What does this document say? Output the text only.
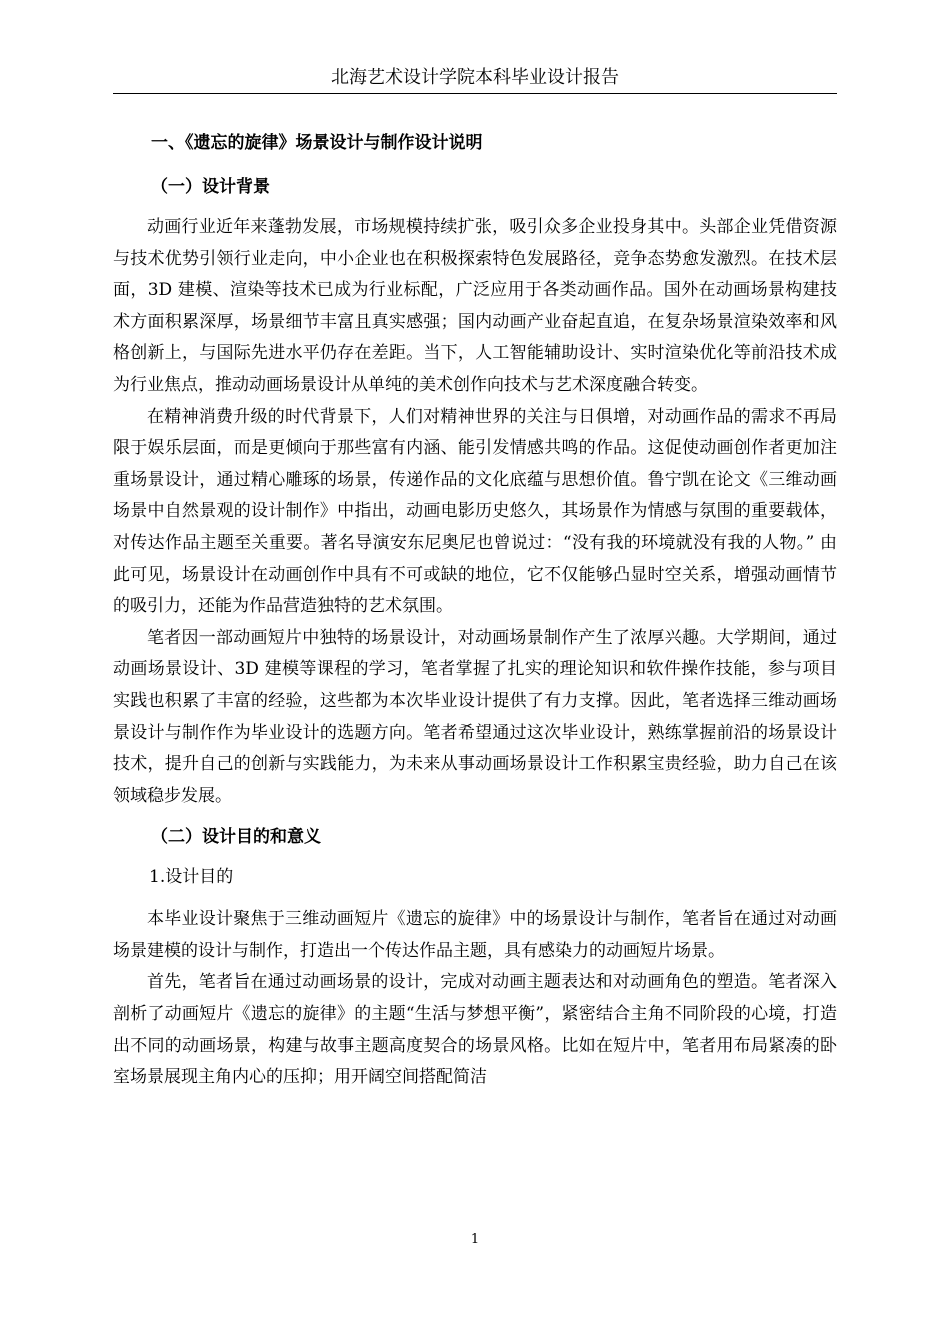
北海艺术设计学院本科毕业设计报告
一、《遗忘的旋律》场景设计与制作设计说明
（一）设计背景

动画行业近年来蓬勃发展，市场规模持续扩张，吸引众多企业投身其中。头部企业凭借资源与技术优势引领行业走向，中小企业也在积极探索特色发展路径，竞争态势愈发激烈。在技术层面，3D 建模、渲染等技术已成为行业标配，广泛应用于各类动画作品。国外在动画场景构建技术方面积累深厚，场景细节丰富且真实感强；国内动画产业奋起直追，在复杂场景渲染效率和风格创新上，与国际先进水平仍存在差距。当下，人工智能辅助设计、实时渲染优化等前沿技术成为行业焦点，推动动画场景设计从单纯的美术创作向技术与艺术深度融合转变。

在精神消费升级的时代背景下，人们对精神世界的关注与日俱增，对动画作品的需求不再局限于娱乐层面，而是更倾向于那些富有内涵、能引发情感共鸣的作品。这促使动画创作者更加注重场景设计，通过精心雕琢的场景，传递作品的文化底蕴与思想价值。鲁宁凯在论文《三维动画场景中自然景观的设计制作》中指出，动画电影历史悠久，其场景作为情感与氛围的重要载体，对传达作品主题至关重要。著名导演安东尼奥尼也曾说过：“没有我的环境就没有我的人物。” 由此可见，场景设计在动画创作中具有不可或缺的地位，它不仅能够凸显时空关系，增强动画情节的吸引力，还能为作品营造独特的艺术氛围。

笔者因一部动画短片中独特的场景设计，对动画场景制作产生了浓厚兴趣。大学期间，通过动画场景设计、3D 建模等课程的学习，笔者掌握了扎实的理论知识和软件操作技能，参与项目实践也积累了丰富的经验，这些都为本次毕业设计提供了有力支撑。因此，笔者选择三维动画场景设计与制作作为毕业设计的选题方向。笔者希望通过这次毕业设计，熟练掌握前沿的场景设计技术，提升自己的创新与实践能力，为未来从事动画场景设计工作积累宝贵经验，助力自己在该领域稳步发展。

（二）设计目的和意义
1.设计目的

本毕业设计聚焦于三维动画短片《遗忘的旋律》中的场景设计与制作，笔者旨在通过对动画场景建模的设计与制作，打造出一个传达作品主题，具有感染力的动画短片场景。

首先，笔者旨在通过动画场景的设计，完成对动画主题表达和对动画角色的塑造。笔者深入剖析了动画短片《遗忘的旋律》的主题“生活与梦想平衡”，紧密结合主角不同阶段的心境，打造出不同的动画场景，构建与故事主题高度契合的场景风格。比如在短片中，笔者用布局紧凑的卧室场景展现主角内心的压抑；用开阔空间搭配简洁

1
